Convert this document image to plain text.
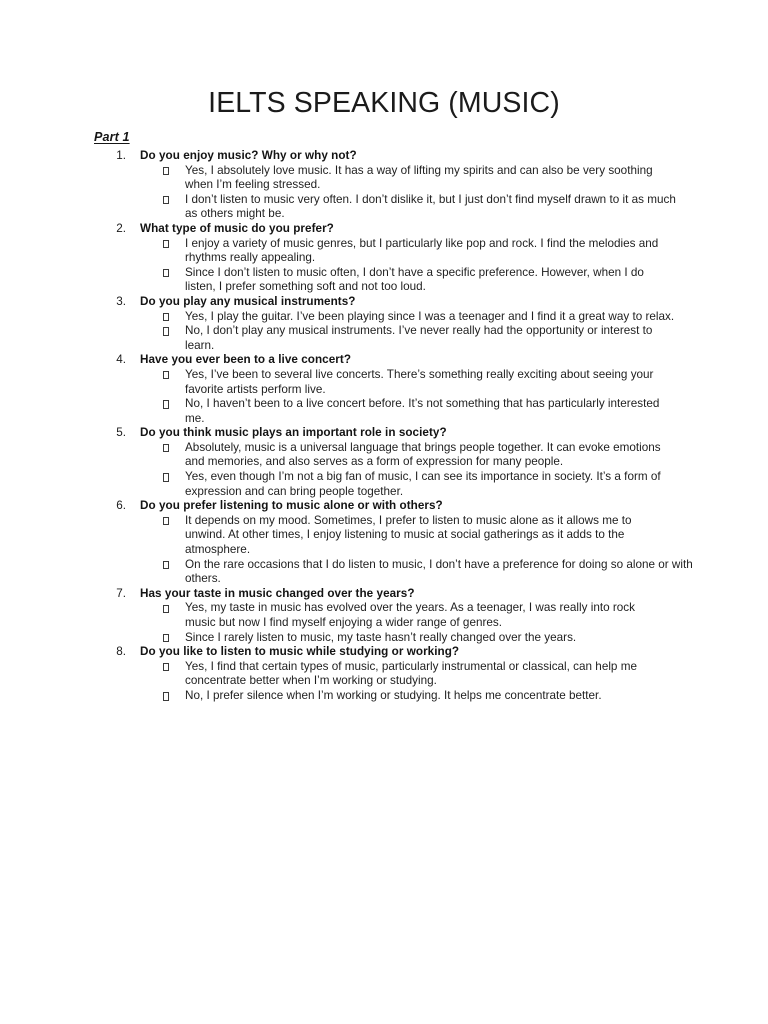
IELTS SPEAKING (MUSIC)
Part 1
1. Do you enjoy music? Why or why not?
Yes, I absolutely love music. It has a way of lifting my spirits and can also be very soothing when I’m feeling stressed.
I don’t listen to music very often. I don’t dislike it, but I just don’t find myself drawn to it as much as others might be.
2. What type of music do you prefer?
I enjoy a variety of music genres, but I particularly like pop and rock. I find the melodies and rhythms really appealing.
Since I don’t listen to music often, I don’t have a specific preference. However, when I do listen, I prefer something soft and not too loud.
3. Do you play any musical instruments?
Yes, I play the guitar. I’ve been playing since I was a teenager and I find it a great way to relax.
No, I don’t play any musical instruments. I’ve never really had the opportunity or interest to learn.
4. Have you ever been to a live concert?
Yes, I’ve been to several live concerts. There’s something really exciting about seeing your favorite artists perform live.
No, I haven’t been to a live concert before. It’s not something that has particularly interested me.
5. Do you think music plays an important role in society?
Absolutely, music is a universal language that brings people together. It can evoke emotions and memories, and also serves as a form of expression for many people.
Yes, even though I’m not a big fan of music, I can see its importance in society. It’s a form of expression and can bring people together.
6. Do you prefer listening to music alone or with others?
It depends on my mood. Sometimes, I prefer to listen to music alone as it allows me to unwind. At other times, I enjoy listening to music at social gatherings as it adds to the atmosphere.
On the rare occasions that I do listen to music, I don’t have a preference for doing so alone or with others.
7. Has your taste in music changed over the years?
Yes, my taste in music has evolved over the years. As a teenager, I was really into rock music but now I find myself enjoying a wider range of genres.
Since I rarely listen to music, my taste hasn’t really changed over the years.
8. Do you like to listen to music while studying or working?
Yes, I find that certain types of music, particularly instrumental or classical, can help me concentrate better when I’m working or studying.
No, I prefer silence when I’m working or studying. It helps me concentrate better.
